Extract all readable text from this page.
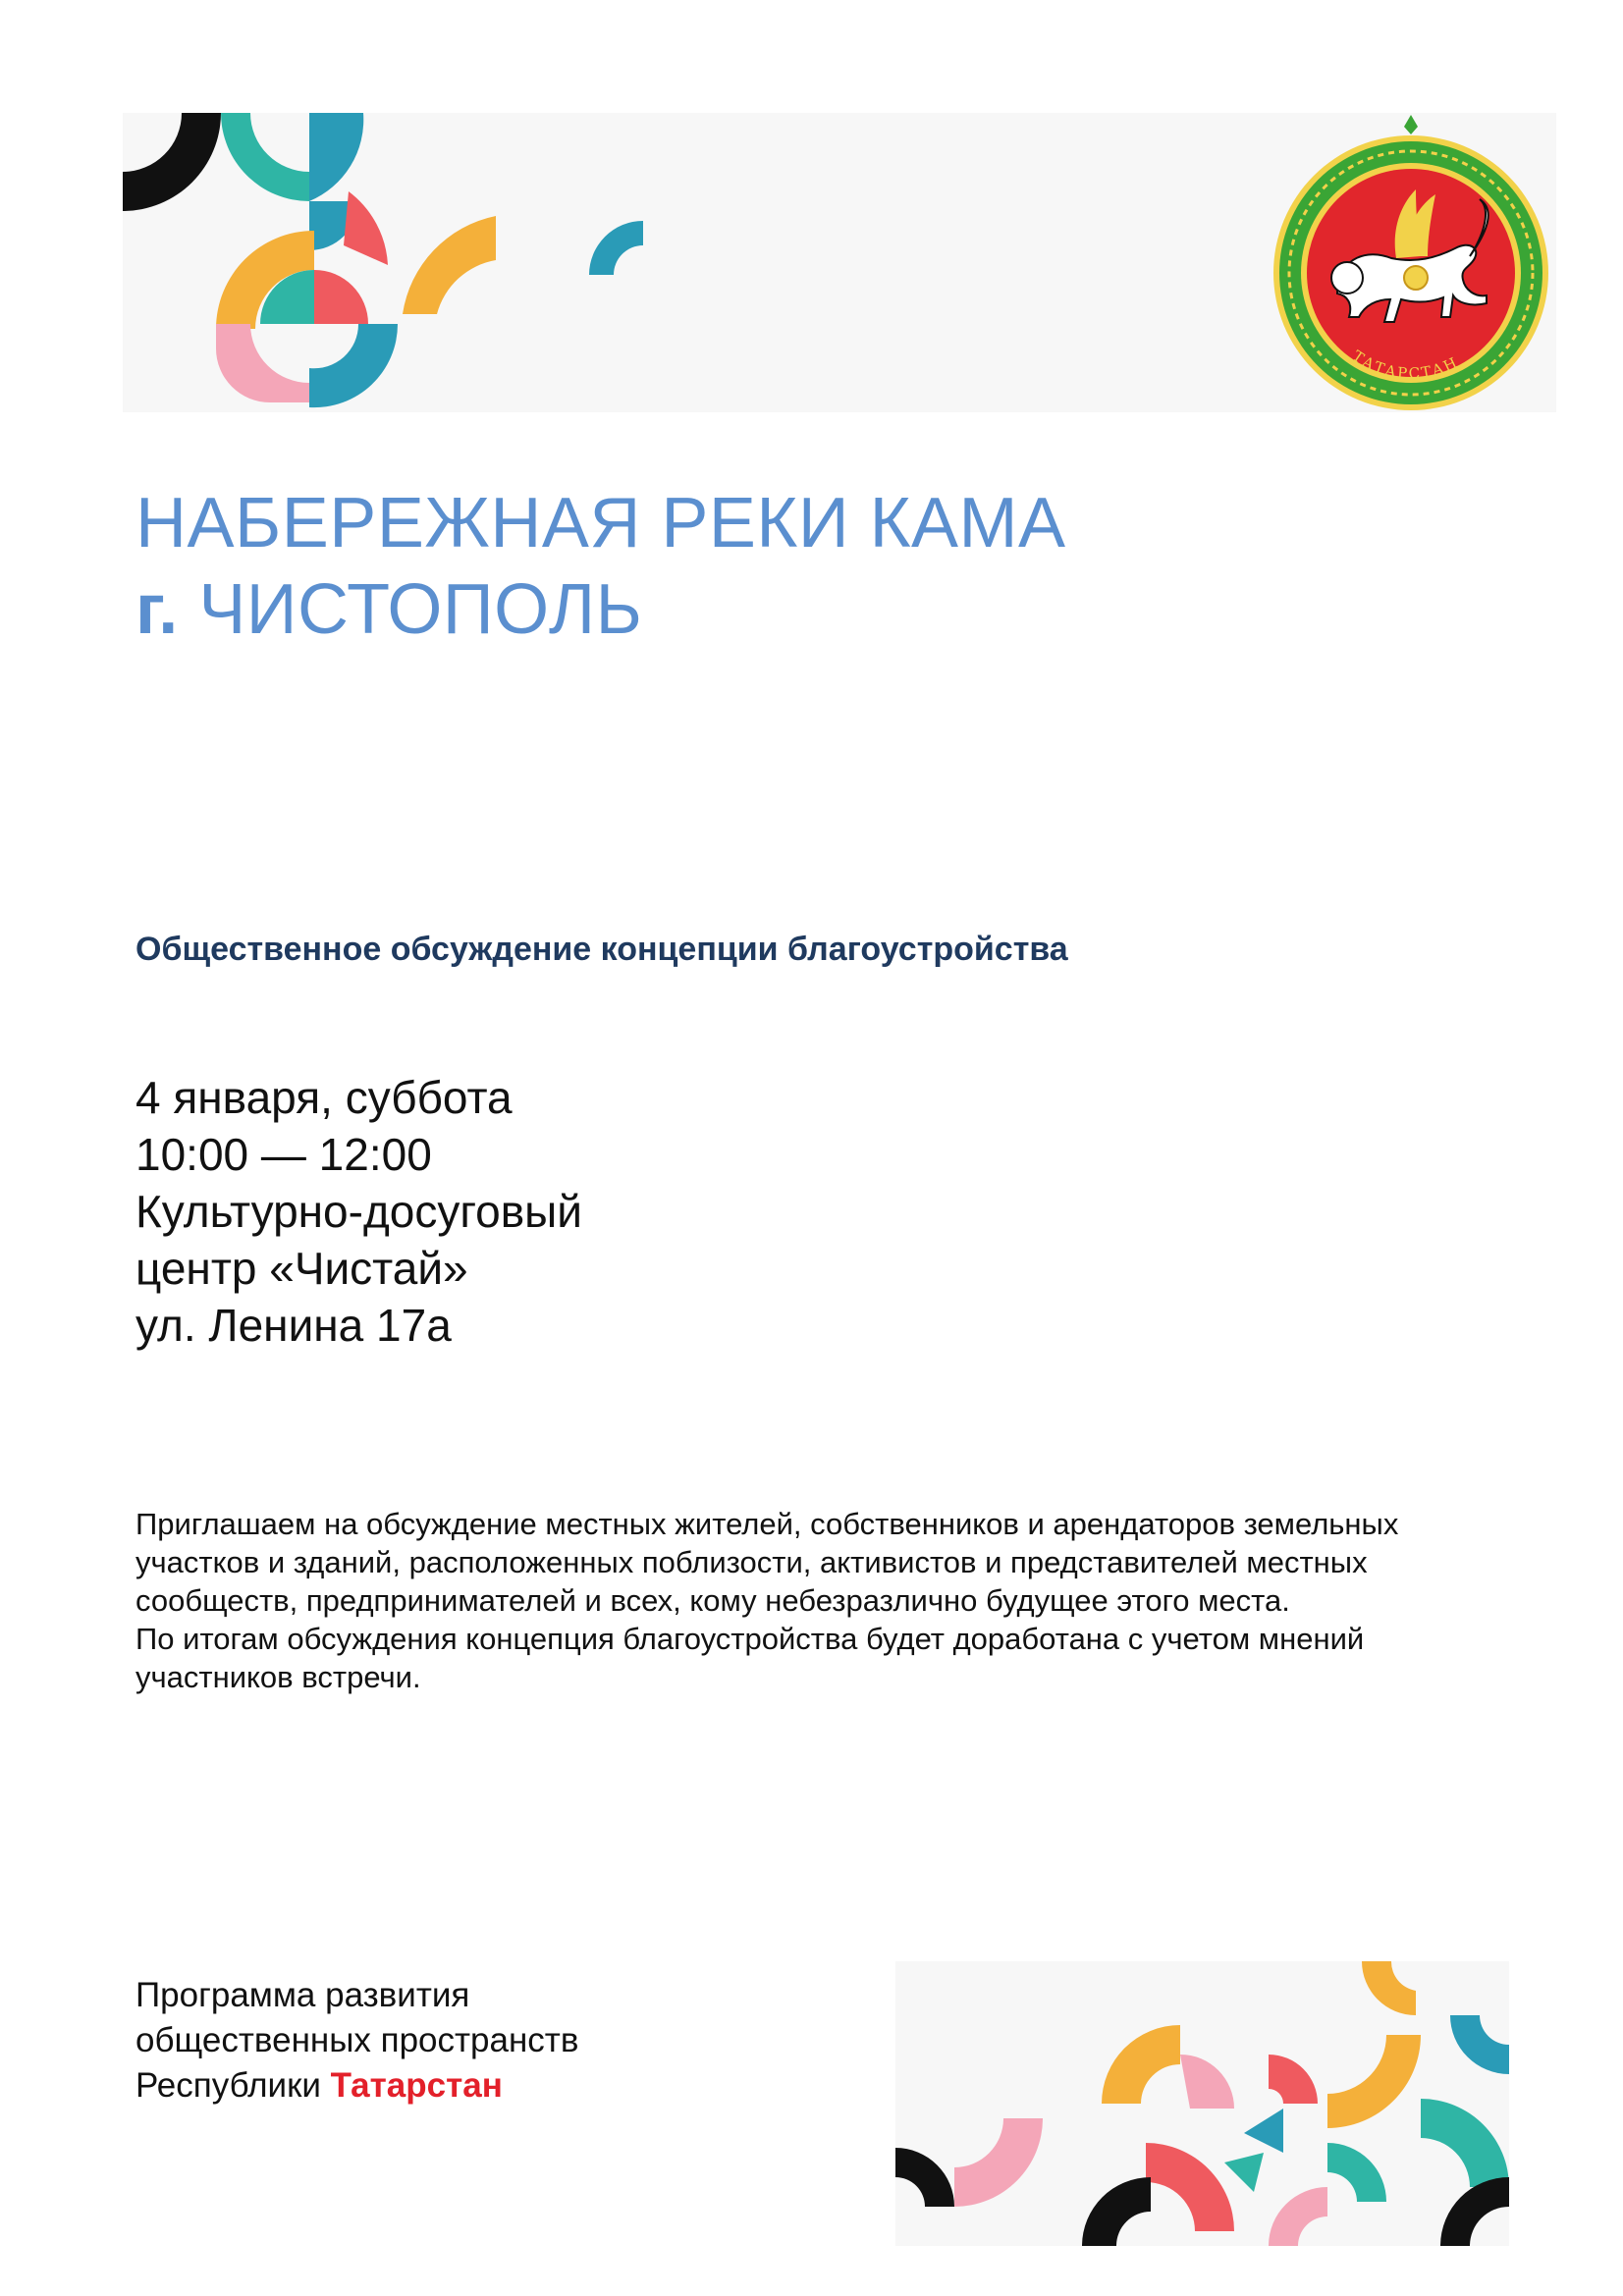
ТАТАРСТАН
НАБЕРЕЖНАЯ РЕКИ КАМА
г. ЧИСТОПОЛЬ
Общественное обсуждение концепции благоустройства
4 января, суббота
10:00 — 12:00
Культурно-досуговый
центр «Чистай»
ул. Ленина 17а

Приглашаем на обсуждение местных жителей, собственников и арендаторов земельных

участков и зданий, расположенных поблизости, активистов и представителей местных

сообществ, предпринимателей и всех, кому небезразлично будущее этого места.

По итогам обсуждения концепция благоустройства будет доработана с учетом мнений

участников встречи.

Программа развития
общественных пространств
Республики Татарстан
